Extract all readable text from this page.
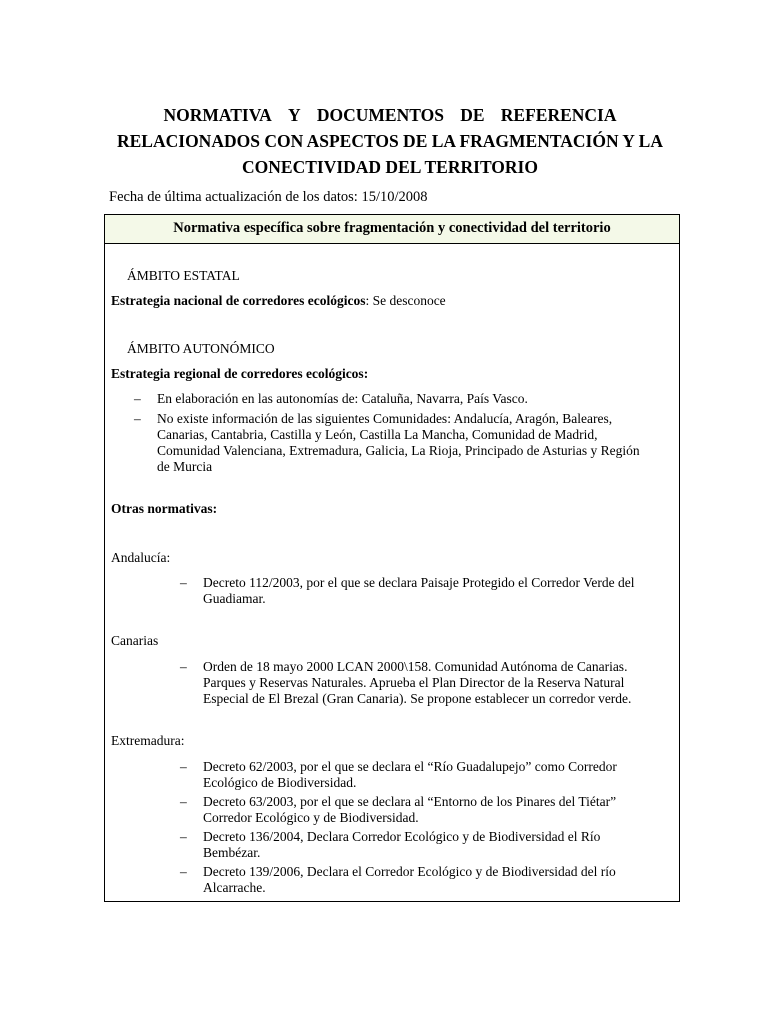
NORMATIVA Y DOCUMENTOS DE REFERENCIA
RELACIONADOS CON ASPECTOS DE LA FRAGMENTACIÓN Y LA
CONECTIVIDAD DEL TERRITORIO
Fecha de última actualización de los datos: 15/10/2008
Normativa específica sobre fragmentación y conectividad del territorio
ÁMBITO ESTATAL
Estrategia nacional de corredores ecológicos: Se desconoce
ÁMBITO AUTONÓMICO
Estrategia regional de corredores ecológicos:
– En elaboración en las autonomías de: Cataluña, Navarra, País Vasco.
– No existe información de las siguientes Comunidades: Andalucía, Aragón, Baleares,
Canarias, Cantabria, Castilla y León, Castilla La Mancha, Comunidad de Madrid,
Comunidad Valenciana, Extremadura, Galicia, La Rioja, Principado de Asturias y Región
de Murcia
Otras normativas:
Andalucía:
– Decreto 112/2003, por el que se declara Paisaje Protegido el Corredor Verde del
Guadiamar.
Canarias
– Orden de 18 mayo 2000 LCAN 2000\158. Comunidad Autónoma de Canarias.
Parques y Reservas Naturales. Aprueba el Plan Director de la Reserva Natural
Especial de El Brezal (Gran Canaria). Se propone establecer un corredor verde.
Extremadura:
– Decreto 62/2003, por el que se declara el “Río Guadalupejo” como Corredor
Ecológico de Biodiversidad.
– Decreto 63/2003, por el que se declara al “Entorno de los Pinares del Tiétar”
Corredor Ecológico y de Biodiversidad.
– Decreto 136/2004, Declara Corredor Ecológico y de Biodiversidad el Río
Bembézar.
– Decreto 139/2006, Declara el Corredor Ecológico y de Biodiversidad del río
Alcarrache.
